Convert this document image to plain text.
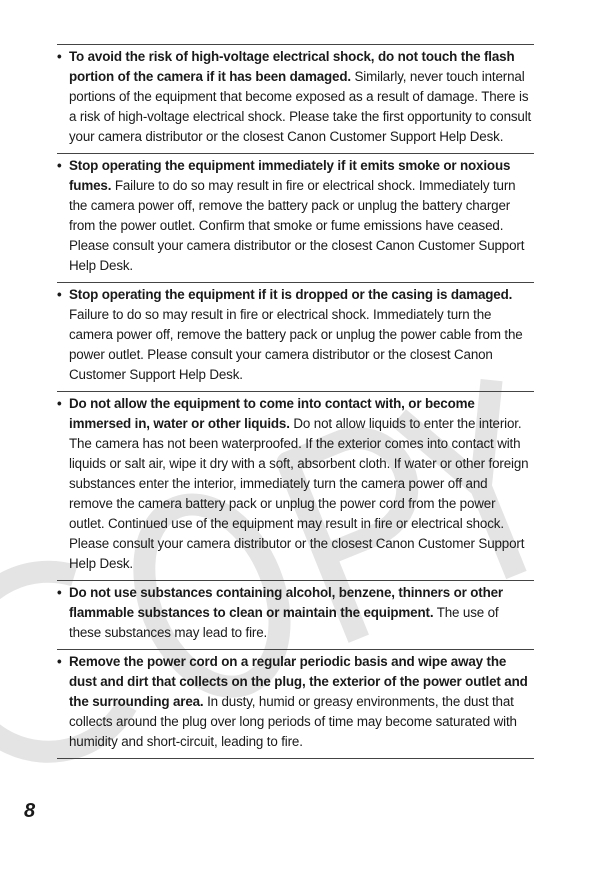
• To avoid the risk of high-voltage electrical shock, do not touch the flash portion of the camera if it has been damaged. Similarly, never touch internal portions of the equipment that become exposed as a result of damage. There is a risk of high-voltage electrical shock. Please take the first opportunity to consult your camera distributor or the closest Canon Customer Support Help Desk.
• Stop operating the equipment immediately if it emits smoke or noxious fumes. Failure to do so may result in fire or electrical shock. Immediately turn the camera power off, remove the battery pack or unplug the battery charger from the power outlet. Confirm that smoke or fume emissions have ceased. Please consult your camera distributor or the closest Canon Customer Support Help Desk.
• Stop operating the equipment if it is dropped or the casing is damaged. Failure to do so may result in fire or electrical shock. Immediately turn the camera power off, remove the battery pack or unplug the power cable from the power outlet. Please consult your camera distributor or the closest Canon Customer Support Help Desk.
• Do not allow the equipment to come into contact with, or become immersed in, water or other liquids. Do not allow liquids to enter the interior. The camera has not been waterproofed. If the exterior comes into contact with liquids or salt air, wipe it dry with a soft, absorbent cloth. If water or other foreign substances enter the interior, immediately turn the camera power off and remove the camera battery pack or unplug the power cord from the power outlet. Continued use of the equipment may result in fire or electrical shock. Please consult your camera distributor or the closest Canon Customer Support Help Desk.
• Do not use substances containing alcohol, benzene, thinners or other flammable substances to clean or maintain the equipment. The use of these substances may lead to fire.
• Remove the power cord on a regular periodic basis and wipe away the dust and dirt that collects on the plug, the exterior of the power outlet and the surrounding area. In dusty, humid or greasy environments, the dust that collects around the plug over long periods of time may become saturated with humidity and short-circuit, leading to fire.
8
